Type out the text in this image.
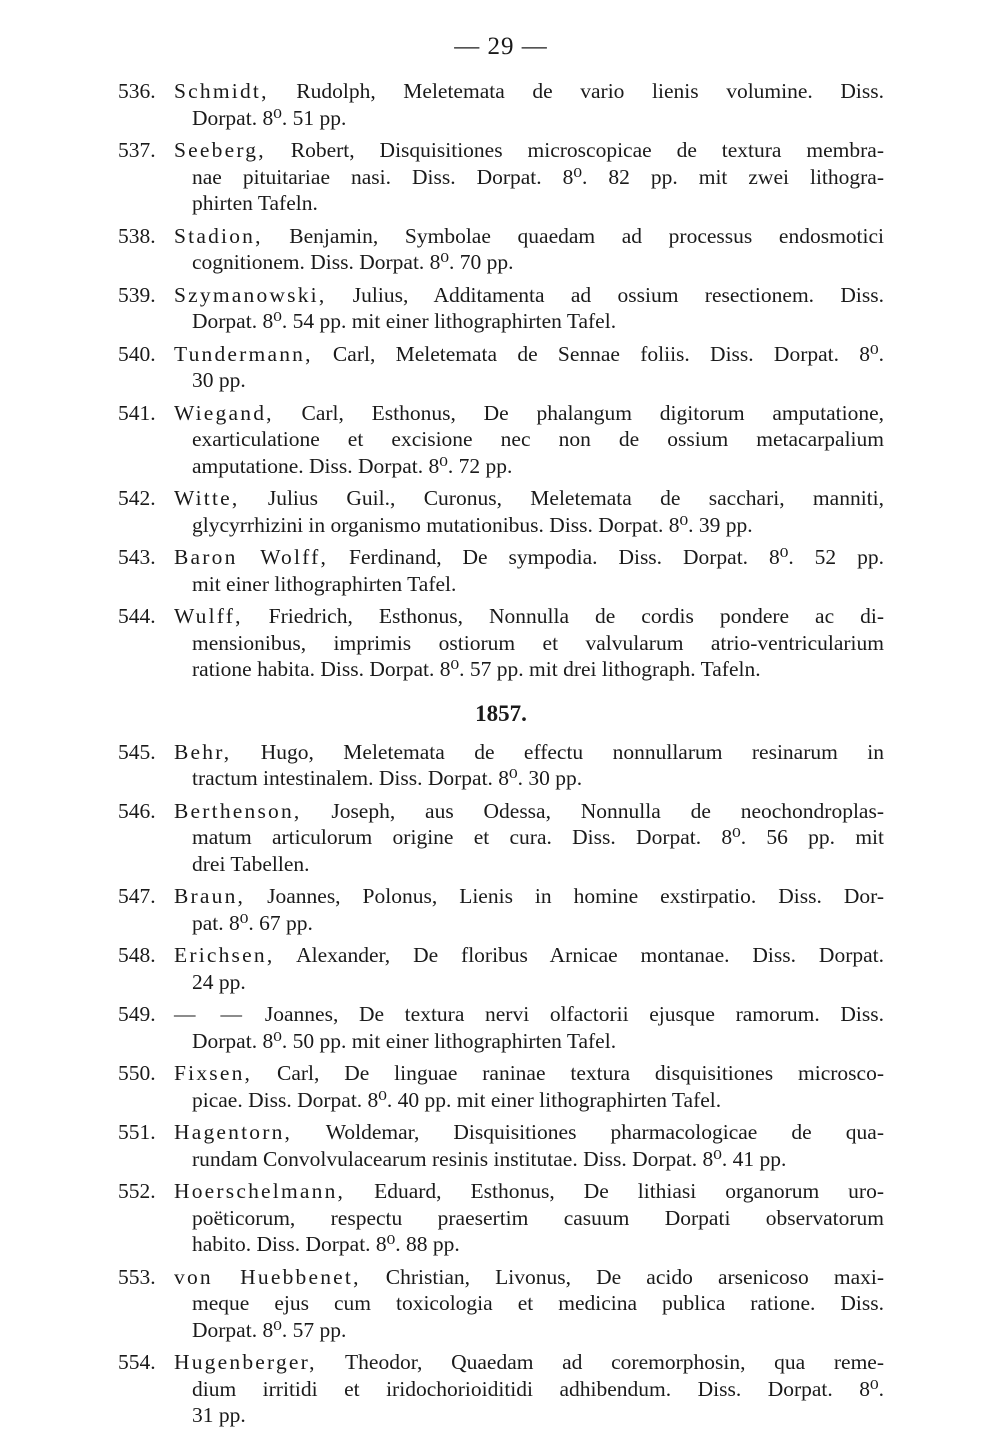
— 29 —
536. Schmidt, Rudolph, Meletemata de vario lienis volumine. Diss.
Dorpat. 8⁰. 51 pp.
537. Seeberg, Robert, Disquisitiones microscopicae de textura membra-
nae pituitariae nasi. Diss. Dorpat. 8⁰. 82 pp. mit zwei lithogra-
phirten Tafeln.
538. Stadion, Benjamin, Symbolae quaedam ad processus endosmotici
cognitionem. Diss. Dorpat. 8⁰. 70 pp.
539. Szymanowski, Julius, Additamenta ad ossium resectionem. Diss.
Dorpat. 8⁰. 54 pp. mit einer lithographirten Tafel.
540. Tundermann, Carl, Meletemata de Sennae foliis. Diss. Dorpat. 8⁰.
30 pp.
541. Wiegand, Carl, Esthonus, De phalangum digitorum amputatione,
exarticulatione et excisione nec non de ossium metacarpalium
amputatione. Diss. Dorpat. 8⁰. 72 pp.
542. Witte, Julius Guil., Curonus, Meletemata de sacchari, manniti,
glycyrrhizini in organismo mutationibus. Diss. Dorpat. 8⁰. 39 pp.
543. Baron Wolff, Ferdinand, De sympodia. Diss. Dorpat. 8⁰. 52 pp.
mit einer lithographirten Tafel.
544. Wulff, Friedrich, Esthonus, Nonnulla de cordis pondere ac di-
mensionibus, imprimis ostiorum et valvularum atrio-ventricularium
ratione habita. Diss. Dorpat. 8⁰. 57 pp. mit drei lithograph. Tafeln.
1857.
545. Behr, Hugo, Meletemata de effectu nonnullarum resinarum in
tractum intestinalem. Diss. Dorpat. 8⁰. 30 pp.
546. Berthenson, Joseph, aus Odessa, Nonnulla de neochondroplas-
matum articulorum origine et cura. Diss. Dorpat. 8⁰. 56 pp. mit
drei Tabellen.
547. Braun, Joannes, Polonus, Lienis in homine exstirpatio. Diss. Dor-
pat. 8⁰. 67 pp.
548. Erichsen, Alexander, De floribus Arnicae montanae. Diss. Dorpat.
24 pp.
549. — — Joannes, De textura nervi olfactorii ejusque ramorum. Diss.
Dorpat. 8⁰. 50 pp. mit einer lithographirten Tafel.
550. Fixsen, Carl, De linguae raninae textura disquisitiones microsco-
picae. Diss. Dorpat. 8⁰. 40 pp. mit einer lithographirten Tafel.
551. Hagentorn, Woldemar, Disquisitiones pharmacologicae de qua-
rundam Convolvulacearum resinis institutae. Diss. Dorpat. 8⁰. 41 pp.
552. Hoerschelmann, Eduard, Esthonus, De lithiasi organorum uro-
poëticorum, respectu praesertim casuum Dorpati observatorum
habito. Diss. Dorpat. 8⁰. 88 pp.
553. von Huebbenet, Christian, Livonus, De acido arsenicoso maxi-
meque ejus cum toxicologia et medicina publica ratione. Diss.
Dorpat. 8⁰. 57 pp.
554. Hugenberger, Theodor, Quaedam ad coremorphosin, qua reme-
dium irritidi et iridochorioiditidi adhibendum. Diss. Dorpat. 8⁰.
31 pp.
